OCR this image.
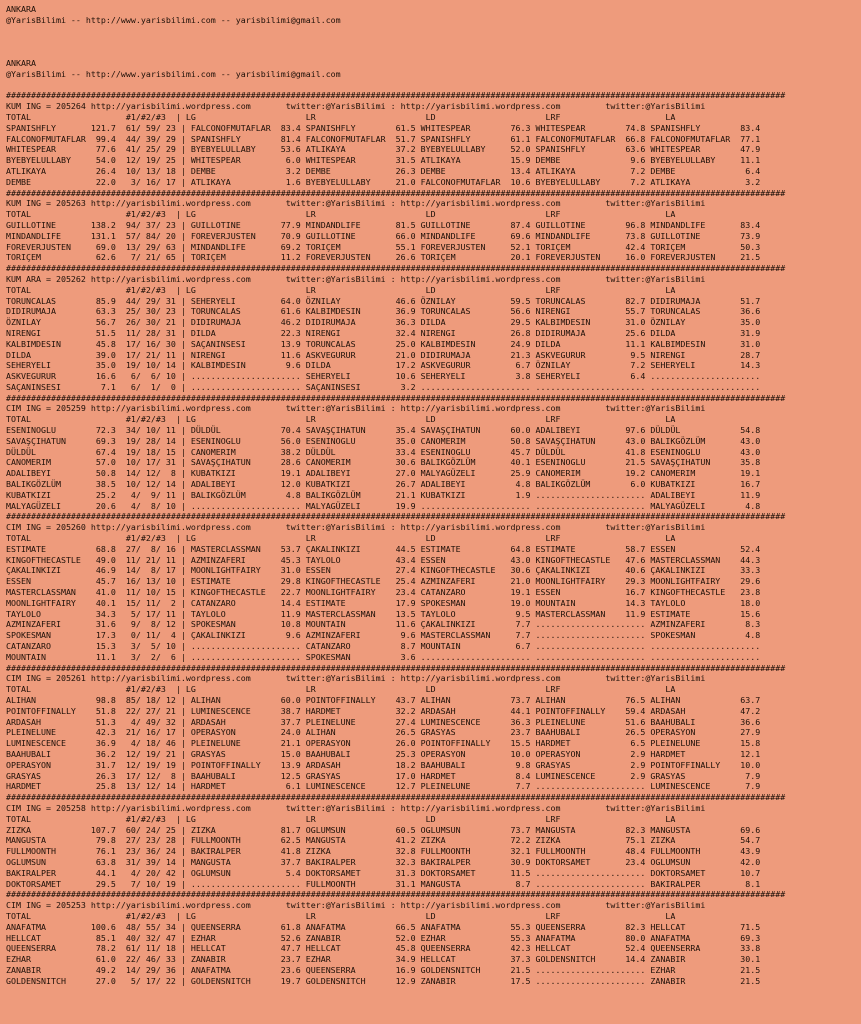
ANKARA
@YarisBilimi -- http://www.yarisbilimi.com -- yarisbilimi@gmail.com
ANKARA
@YarisBilimi -- http://www.yarisbilimi.com -- yarisbilimi@gmail.com
############################################################################################################################################################
KUM ING = 205264 http://yarisbilimi.wordpress.com       twitter:@YarisBilimi : http://yarisbilimi.wordpress.com         twitter:@YarisBilimi
TOTAL                   #1/#2/#3  | LG                      LR                      LD                      LRF                     LA
SPANISHFLY       121.7  61/ 59/ 23 | FALCONOFMUTAFLAR  83.4 SPANISHFLY        61.5 WHITESPEAR        76.3 WHITESPEAR        74.8 SPANISHFLY        83.4
FALCONOFMUTAFLAR  99.4  44/ 39/ 29 | SPANISHFLY        81.4 FALCONOFMUTAFLAR  51.7 SPANISHFLY        61.1 FALCONOFMUTAFLAR  66.8 FALCONOFMUTAFLAR  77.1
WHITESPEAR        77.6  41/ 25/ 29 | BYEBYELULLABY     53.6 ATLIKAYA          37.2 BYEBYELULLABY     52.0 SPANISHFLY        63.6 WHITESPEAR        47.9
BYEBYELULLABY     54.0  12/ 19/ 25 | WHITESPEAR         6.0 WHITESPEAR        31.5 ATLIKAYA          15.9 DEMBE              9.6 BYEBYELULLABY     11.1
ATLIKAYA          26.4  10/ 13/ 18 | DEMBE              3.2 DEMBE             26.3 DEMBE             13.4 ATLIKAYA           7.2 DEMBE              6.4
DEMBE             22.0   3/ 16/ 17 | ATLIKAYA           1.6 BYEBYELULLABY     21.0 FALCONOFMUTAFLAR  10.6 BYEBYELULLABY      7.2 ATLIKAYA           3.2
############################################################################################################################################################
KUM ING = 205263 http://yarisbilimi.wordpress.com       twitter:@YarisBilimi : http://yarisbilimi.wordpress.com         twitter:@YarisBilimi
TOTAL                   #1/#2/#3  | LG                      LR                      LD                      LRF                     LA
GUILLOTINE       138.2  94/ 37/ 23 | GUILLOTINE        77.9 MINDANDLIFE       81.5 GUILLOTINE        87.4 GUILLOTINE        96.8 MINDANDLIFE       83.4
MINDANDLIFE      131.1  57/ 84/ 20 | FOREVERJUSTEN     70.9 GUILLOTINE        66.0 MINDANDLIFE       69.6 MINDANDLIFE       73.8 GUILLOTINE        73.9
FOREVERJUSTEN     69.0  13/ 29/ 63 | MINDANDLIFE       69.2 TORIÇEM           55.1 FOREVERJUSTEN     52.1 TORIÇEM           42.4 TORIÇEM           50.3
TORIÇEM           62.6   7/ 21/ 65 | TORIÇEM           11.2 FOREVERJUSTEN     26.6 TORIÇEM           20.1 FOREVERJUSTEN     16.0 FOREVERJUSTEN     21.5
############################################################################################################################################################
KUM ARA = 205262 http://yarisbilimi.wordpress.com       twitter:@YarisBilimi : http://yarisbilimi.wordpress.com         twitter:@YarisBilimi
TOTAL                   #1/#2/#3  | LG                      LR                      LD                      LRF                     LA
TORUNCALAS        85.9  44/ 29/ 31 | SEHERYELI         64.0 ÖZNILAY           46.6 ÖZNILAY           59.5 TORUNCALAS        82.7 DIDIRUMAJA        51.7
DIDIRUMAJA        63.3  25/ 30/ 23 | TORUNCALAS        61.6 KALBIMDESIN       36.9 TORUNCALAS        56.6 NIRENGI           55.7 TORUNCALAS        36.6
ÖZNILAY           56.7  26/ 30/ 21 | DIDIRUMAJA        46.2 DIDIRUMAJA        36.3 DILDA             29.5 KALBIMDESIN       31.0 ÖZNILAY           35.0
NIRENGI           51.5  11/ 28/ 31 | DILDA             22.3 NIRENGI           32.4 NIRENGI           26.8 DIDIRUMAJA        25.6 DILDA             31.9
KALBIMDESIN       45.8  17/ 16/ 30 | SAÇANINSESI       13.9 TORUNCALAS        25.0 KALBIMDESIN       24.9 DILDA             11.1 KALBIMDESIN       31.0
DILDA             39.0  17/ 21/ 11 | NIRENGI           11.6 ASKVEGURUR        21.0 DIDIRUMAJA        21.3 ASKVEGURUR         9.5 NIRENGI           28.7
SEHERYELI         35.0  19/ 10/ 14 | KALBIMDESIN        9.6 DILDA             17.2 ASKVEGURUR         6.7 ÖZNILAY            7.2 SEHERYELI         14.3
ASKVEGURUR        16.6   6/  6/ 10 | ...................... SEHERYELI         10.6 SEHERYELI          3.8 SEHERYELI          6.4 ......................
SAÇANINSESI        7.1   6/  1/  0 | ...................... SAÇANINSESI        3.2 ...................... ...................... ......................
############################################################################################################################################################
CIM ING = 205259 http://yarisbilimi.wordpress.com       twitter:@YarisBilimi : http://yarisbilimi.wordpress.com         twitter:@YarisBilimi
TOTAL                   #1/#2/#3  | LG                      LR                      LD                      LRF                     LA
ESENINOGLU        72.3  34/ 10/ 11 | DÜLDÜL            70.4 SAVAŞÇIHATUN      35.4 SAVAŞÇIHATUN      60.0 ADALIBEYI         97.6 DÜLDÜL            54.8
SAVAŞÇIHATUN      69.3  19/ 28/ 14 | ESENINOGLU        56.0 ESENINOGLU        35.0 CANOMERIM         50.8 SAVAŞÇIHATUN      43.0 BALIKGÖZLÜM       43.0
DÜLDÜL            67.4  19/ 18/ 15 | CANOMERIM         38.2 DÜLDÜL            33.4 ESENINOGLU        45.7 DÜLDÜL            41.8 ESENINOGLU        43.0
CANOMERIM         57.0  10/ 17/ 31 | SAVAŞÇIHATUN      28.6 CANOMERIM         30.6 BALIKGÖZLÜM       40.1 ESENINOGLU        21.5 SAVAŞÇIHATUN      35.8
ADALIBEYI         50.8  14/ 12/  8 | KUBATKIZI         19.1 ADALIBEYI         27.0 MALYAGÜZELI       25.9 CANOMERIM         19.2 CANOMERIM         19.1
BALIKGÖZLÜM       38.5  10/ 12/ 14 | ADALIBEYI         12.0 KUBATKIZI         26.7 ADALIBEYI          4.8 BALIKGÖZLÜM        6.0 KUBATKIZI         16.7
KUBATKIZI         25.2   4/  9/ 11 | BALIKGÖZLÜM        4.8 BALIKGÖZLÜM       21.1 KUBATKIZI          1.9 ...................... ADALIBEYI         11.9
MALYAGÜZELI       20.6   4/  8/ 10 | ...................... MALYAGÜZELI       19.9 ...................... ...................... MALYAGÜZELI        4.8
############################################################################################################################################################
CIM ING = 205260 http://yarisbilimi.wordpress.com       twitter:@YarisBilimi : http://yarisbilimi.wordpress.com         twitter:@YarisBilimi
TOTAL                   #1/#2/#3  | LG                      LR                      LD                      LRF                     LA
ESTIMATE          68.8  27/  8/ 16 | MASTERCLASSMAN    53.7 ÇAKALINKIZI       44.5 ESTIMATE          64.8 ESTIMATE          58.7 ESSEN             52.4
KINGOFTHECASTLE   49.0  11/ 21/ 11 | AZMINZAFERI       45.3 TAYLOLO           43.4 ESSEN             43.0 KINGOFTHECASTLE   47.6 MASTERCLASSMAN    44.3
ÇAKALINKIZI       46.9  14/  8/ 17 | MOONLIGHTFAIRY    31.0 ESSEN             27.4 KINGOFTHECASTLE   30.6 ÇAKALINKIZI       40.6 ÇAKALINKIZI       33.3
ESSEN             45.7  16/ 13/ 10 | ESTIMATE          29.8 KINGOFTHECASTLE   25.4 AZMINZAFERI       21.0 MOONLIGHTFAIRY    29.3 MOONLIGHTFAIRY    29.6
MASTERCLASSMAN    41.0  11/ 10/ 15 | KINGOFTHECASTLE   22.7 MOONLIGHTFAIRY    23.4 CATANZARO         19.1 ESSEN             16.7 KINGOFTHECASTLE   23.8
MOONLIGHTFAIRY    40.1  15/ 11/  2 | CATANZARO         14.4 ESTIMATE          17.9 SPOKESMAN         19.0 MOUNTAIN          14.3 TAYLOLO           18.0
TAYLOLO           34.3   5/ 17/ 11 | TAYLOLO           11.9 MASTERCLASSMAN    13.5 TAYLOLO            9.5 MASTERCLASSMAN    11.9 ESTIMATE          15.6
AZMINZAFERI       31.6   9/  8/ 12 | SPOKESMAN         10.8 MOUNTAIN          11.6 ÇAKALINKIZI        7.7 ...................... AZMINZAFERI        8.3
SPOKESMAN         17.3   0/ 11/  4 | ÇAKALINKIZI        9.6 AZMINZAFERI        9.6 MASTERCLASSMAN     7.7 ...................... SPOKESMAN          4.8
CATANZARO         15.3   3/  5/ 10 | ...................... CATANZARO          8.7 MOUNTAIN           6.7 ...................... ......................
MOUNTAIN          11.1   3/  2/  6 | ...................... SPOKESMAN          3.6 ...................... ...................... ......................
############################################################################################################################################################
CIM ING = 205261 http://yarisbilimi.wordpress.com       twitter:@YarisBilimi : http://yarisbilimi.wordpress.com         twitter:@YarisBilimi
TOTAL                   #1/#2/#3  | LG                      LR                      LD                      LRF                     LA
ALIHAN            98.8  85/ 18/ 12 | ALIHAN            60.0 POINTOFFINALLY    43.7 ALIHAN            73.7 ALIHAN            76.5 ALIHAN            63.7
POINTOFFINALLY    51.8  22/ 27/ 21 | LUMINESCENCE      38.7 HARDMET           32.2 ARDASAH           44.1 POINTOFFINALLY    59.4 ARDASAH           47.2
ARDASAH           51.3   4/ 49/ 32 | ARDASAH           37.7 PLEINELUNE        27.4 LUMINESCENCE      36.3 PLEINELUNE        51.6 BAAHUBALI         36.6
PLEINELUNE        42.3  21/ 16/ 17 | OPERASYON         24.0 ALIHAN            26.5 GRASYAS           23.7 BAAHUBALI         26.5 OPERASYON         27.9
LUMINESCENCE      36.9   4/ 18/ 46 | PLEINELUNE        21.1 OPERASYON         26.0 POINTOFFINALLY    15.5 HARDMET            6.5 PLEINELUNE        15.8
BAAHUBALI         36.2  12/ 19/ 21 | GRASYAS           15.0 BAAHUBALI         25.3 OPERASYON         10.0 OPERASYON          2.9 HARDMET           12.1
OPERASYON         31.7  12/ 19/ 19 | POINTOFFINALLY    13.9 ARDASAH           18.2 BAAHUBALI          9.8 GRASYAS            2.9 POINTOFFINALLY    10.0
GRASYAS           26.3  17/ 12/  8 | BAAHUBALI         12.5 GRASYAS           17.0 HARDMET            8.4 LUMINESCENCE       2.9 GRASYAS            7.9
HARDMET           25.8  13/ 12/ 14 | HARDMET            6.1 LUMINESCENCE      12.7 PLEINELUNE         7.7 ...................... LUMINESCENCE       7.9
############################################################################################################################################################
CIM ING = 205258 http://yarisbilimi.wordpress.com       twitter:@YarisBilimi : http://yarisbilimi.wordpress.com         twitter:@YarisBilimi
TOTAL                   #1/#2/#3  | LG                      LR                      LD                      LRF                     LA
ZIZKA            107.7  60/ 24/ 25 | ZIZKA             81.7 OGLUMSUN          60.5 OGLUMSUN          73.7 MANGUSTA          82.3 MANGUSTA          69.6
MANGUSTA          79.8  27/ 23/ 28 | FULLMOONTH        62.5 MANGUSTA          41.2 ZIZKA             72.2 ZIZKA             75.1 ZIZKA             54.7
FULLMOONTH        76.1  23/ 36/ 24 | BAKIRALPER        41.8 ZIZKA             32.8 FULLMOONTH        32.1 FULLMOONTH        48.4 FULLMOONTH        43.9
OGLUMSUN          63.8  31/ 39/ 14 | MANGUSTA          37.7 BAKIRALPER        32.3 BAKIRALPER        30.9 DOKTORSAMET       23.4 OGLUMSUN          42.0
BAKIRALPER        44.1   4/ 20/ 42 | OGLUMSUN           5.4 DOKTORSAMET       31.3 DOKTORSAMET       11.5 ...................... DOKTORSAMET       10.7
DOKTORSAMET       29.5   7/ 10/ 19 | ...................... FULLMOONTH        31.1 MANGUSTA           8.7 ...................... BAKIRALPER         8.1
############################################################################################################################################################
CIM ING = 205253 http://yarisbilimi.wordpress.com       twitter:@YarisBilimi : http://yarisbilimi.wordpress.com         twitter:@YarisBilimi
TOTAL                   #1/#2/#3  | LG                      LR                      LD                      LRF                     LA
ANAFATMA         100.6  48/ 55/ 34 | QUEENSERRA        61.8 ANAFATMA          66.5 ANAFATMA          55.3 QUEENSERRA        82.3 HELLCAT           71.5
HELLCAT           85.1  40/ 32/ 47 | EZHAR             52.6 ZANABIR           52.0 EZHAR             55.3 ANAFATMA          80.0 ANAFATMA          69.3
QUEENSERRA        78.2  61/ 11/ 18 | HELLCAT           47.7 HELLCAT           45.8 QUEENSERRA        42.3 HELLCAT           52.4 QUEENSERRA        33.8
EZHAR             61.0  22/ 46/ 33 | ZANABIR           23.7 EZHAR             34.9 HELLCAT           37.3 GOLDENSNITCH      14.4 ZANABIR           30.1
ZANABIR           49.2  14/ 29/ 36 | ANAFATMA          23.6 QUEENSERRA        16.9 GOLDENSNITCH      21.5 ...................... EZHAR             21.5
GOLDENSNITCH      27.0   5/ 17/ 22 | GOLDENSNITCH      19.7 GOLDENSNITCH      12.9 ZANABIR           17.5 ...................... ZANABIR           21.5
